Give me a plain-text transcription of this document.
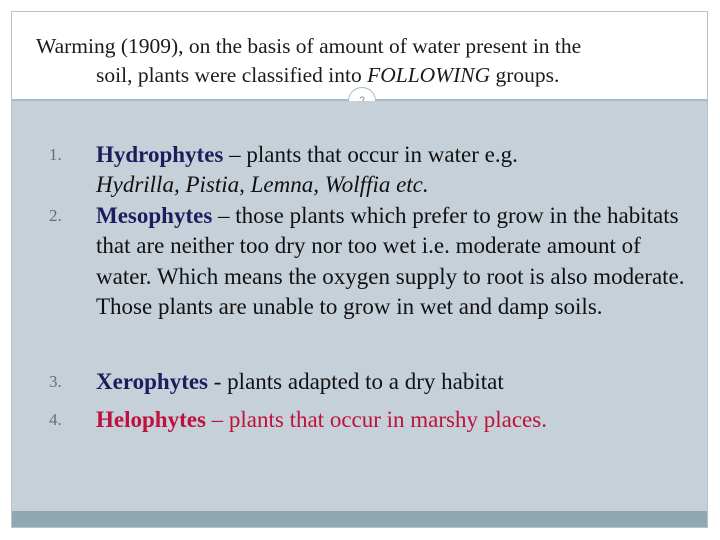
Warming (1909), on the basis of amount of water present in the
soil, plants were classified into FOLLOWING groups.
1. Hydrophytes – plants that occur in water e.g.
Hydrilla, Pistia, Lemna, Wolffia etc.
2. Mesophytes – those plants which prefer to grow in the habitats that are neither too dry nor too wet i.e. moderate amount of water. Which means the oxygen supply to root is also moderate. Those plants are unable to grow in wet and damp soils.
3. Xerophytes - plants adapted to a dry habitat
4. Helophytes – plants that occur in marshy places.
